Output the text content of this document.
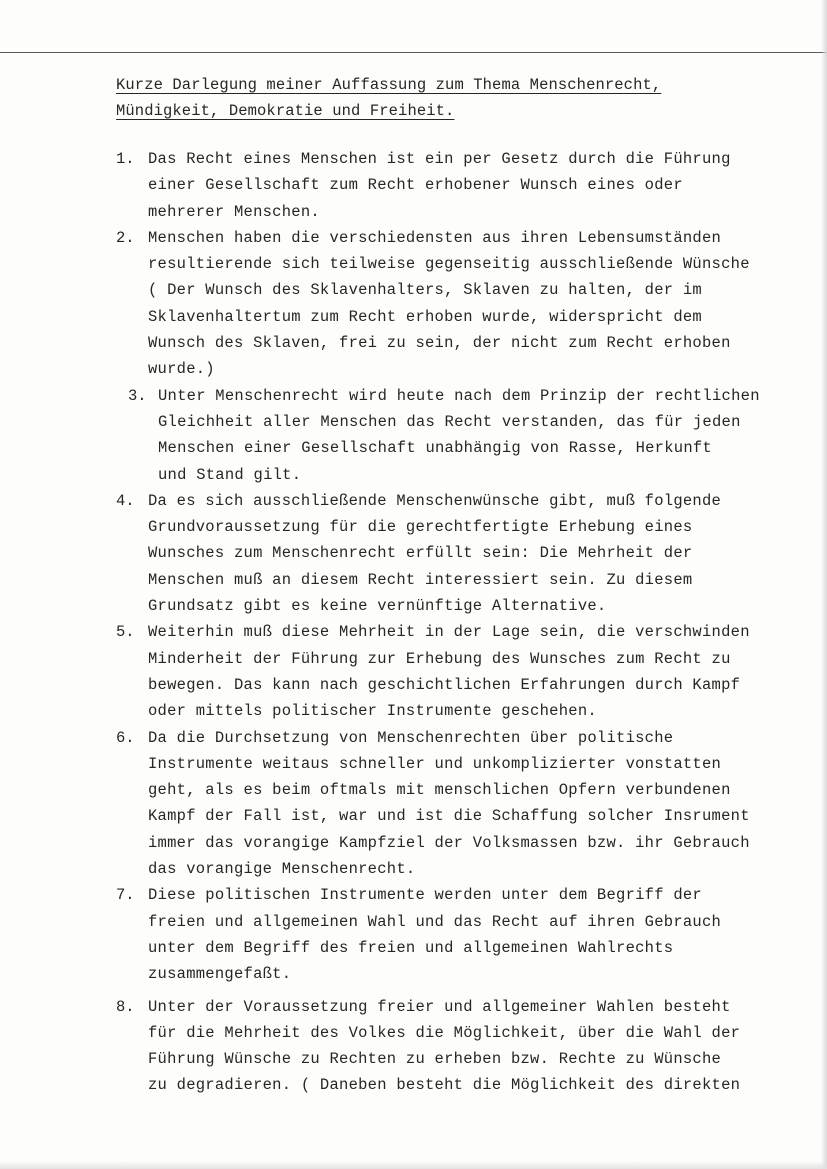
Kurze Darlegung meiner Auffassung zum Thema Menschenrecht,
Mündigkeit, Demokratie und Freiheit.
1. Das Recht eines Menschen ist ein per Gesetz durch die Führung
einer Gesellschaft zum Recht erhobener Wunsch eines oder
mehrerer Menschen.
2. Menschen haben die verschiedensten aus ihren Lebensumständen
resultierende sich teilweise gegenseitig ausschließende Wünsche
( Der Wunsch des Sklavenhalters, Sklaven zu halten, der im
Sklavenhaltertum zum Recht erhoben wurde, widerspricht dem
Wunsch des Sklaven, frei zu sein, der nicht zum Recht erhoben
wurde.)
3. Unter Menschenrecht wird heute nach dem Prinzip der rechtlichen
Gleichheit aller Menschen das Recht verstanden, das für jeden
Menschen einer Gesellschaft unabhängig von Rasse, Herkunft
und Stand gilt.
4. Da es sich ausschließende Menschenwünsche gibt, muß folgende
Grundvoraussetzung für die gerechtfertigte Erhebung eines
Wunsches zum Menschenrecht erfüllt sein: Die Mehrheit der
Menschen muß an diesem Recht interessiert sein. Zu diesem
Grundsatz gibt es keine vernünftige Alternative.
5. Weiterhin muß diese Mehrheit in der Lage sein, die verschwinden
Minderheit der Führung zur Erhebung des Wunsches zum Recht zu
bewegen. Das kann nach geschichtlichen Erfahrungen durch Kampf
oder mittels politischer Instrumente geschehen.
6. Da die Durchsetzung von Menschenrechten über politische
Instrumente weitaus schneller und unkomplizierter vonstatten
geht, als es beim oftmals mit menschlichen Opfern verbundenen
Kampf der Fall ist, war und ist die Schaffung solcher Insrument
immer das vorangige Kampfziel der Volksmassen bzw. ihr Gebrauch
das vorangige Menschenrecht.
7. Diese politischen Instrumente werden unter dem Begriff der
freien und allgemeinen Wahl und das Recht auf ihren Gebrauch
unter dem Begriff des freien und allgemeinen Wahlrechts
zusammengefaßt.
8. Unter der Voraussetzung freier und allgemeiner Wahlen besteht
für die Mehrheit des Volkes die Möglichkeit, über die Wahl der
Führung Wünsche zu Rechten zu erheben bzw. Rechte zu Wünsche
zu degradieren. ( Daneben besteht die Möglichkeit des direkten
